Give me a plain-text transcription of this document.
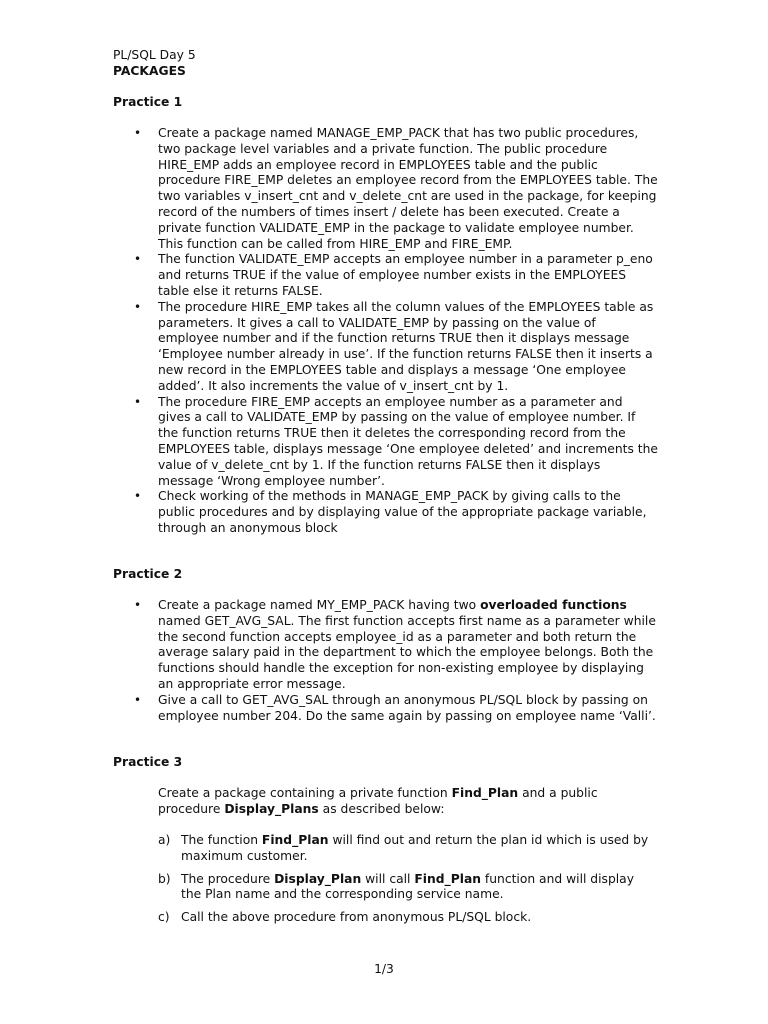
PL/SQL Day 5
PACKAGES
Practice 1
• Create a package named MANAGE_EMP_PACK that has two public procedures, two package level variables and a private function. The public procedure HIRE_EMP adds an employee record in EMPLOYEES table and the public procedure FIRE_EMP deletes an employee record from the EMPLOYEES table. The two variables v_insert_cnt and v_delete_cnt are used in the package, for keeping record of the numbers of times insert / delete has been executed. Create a private function VALIDATE_EMP in the package to validate employee number. This function can be called from HIRE_EMP and FIRE_EMP.
• The function VALIDATE_EMP accepts an employee number in a parameter p_eno and returns TRUE if the value of employee number exists in the EMPLOYEES table else it returns FALSE.
• The procedure HIRE_EMP takes all the column values of the EMPLOYEES table as parameters. It gives a call to VALIDATE_EMP by passing on the value of employee number and if the function returns TRUE then it displays message ‘Employee number already in use’. If the function returns FALSE then it inserts a new record in the EMPLOYEES table and displays a message ‘One employee added’. It also increments the value of v_insert_cnt by 1.
• The procedure FIRE_EMP accepts an employee number as a parameter and gives a call to VALIDATE_EMP by passing on the value of employee number. If the function returns TRUE then it deletes the corresponding record from the EMPLOYEES table, displays message ‘One employee deleted’ and increments the value of v_delete_cnt by 1. If the function returns FALSE then it displays message ‘Wrong employee number’.
• Check working of the methods in MANAGE_EMP_PACK by giving calls to the public procedures and by displaying value of the appropriate package variable, through an anonymous block
Practice 2
• Create a package named MY_EMP_PACK having two overloaded functions named GET_AVG_SAL. The first function accepts first name as a parameter while the second function accepts employee_id as a parameter and both return the average salary paid in the department to which the employee belongs. Both the functions should handle the exception for non-existing employee by displaying an appropriate error message.
• Give a call to GET_AVG_SAL through an anonymous PL/SQL block by passing on employee number 204. Do the same again by passing on employee name ‘Valli’.
Practice 3
Create a package containing a private function Find_Plan and a public procedure Display_Plans as described below:
a) The function Find_Plan will find out and return the plan id which is used by maximum customer.
b) The procedure Display_Plan will call Find_Plan function and will display the Plan name and the corresponding service name.
c) Call the above procedure from anonymous PL/SQL block.
1/3
